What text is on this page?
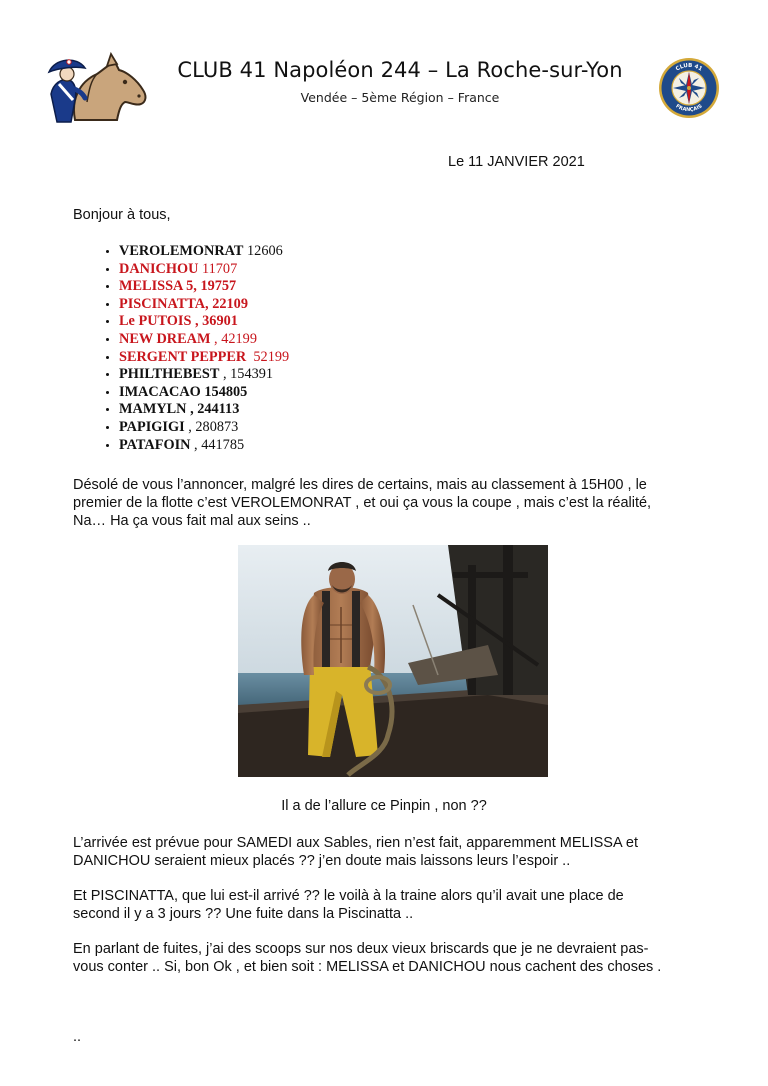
CLUB 41 Napoléon 244 – La Roche-sur-Yon
Vendée – 5ème Région – France
CLUB 41
FRANÇAIS
Le 11 JANVIER 2021
Bonjour à tous,
• VEROLEMONRAT 12606
• DANICHOU 11707
• MELISSA 5, 19757
• PISCINATTA, 22109
• Le PUTOIS , 36901
• NEW DREAM , 42199
• SERGENT PEPPER 52199
• PHILTHEBEST , 154391
• IMACACAO 154805
• MAMYLN , 244113
• PAPIGIGI , 280873
• PATAFOIN , 441785
Désolé de vous l’annoncer, malgré les dires de certains, mais au classement à 15H00 , le
premier de la flotte c’est VEROLEMONRAT , et oui ça vous la coupe , mais c’est la réalité,
Na… Ha ça vous fait mal aux seins ..
Il a de l’allure ce Pinpin , non ??
L’arrivée est prévue pour SAMEDI aux Sables, rien n’est fait, apparemment MELISSA et
DANICHOU seraient mieux placés ?? j’en doute mais laissons leurs l’espoir ..
Et PISCINATTA, que lui est-il arrivé ?? le voilà à la traine alors qu’il avait une place de
second il y a 3 jours ?? Une fuite dans la Piscinatta ..
En parlant de fuites, j’ai des scoops sur nos deux vieux briscards que je ne devraient pas-
vous conter .. Si, bon Ok , et bien soit : MELISSA et DANICHOU nous cachent des choses .
..
